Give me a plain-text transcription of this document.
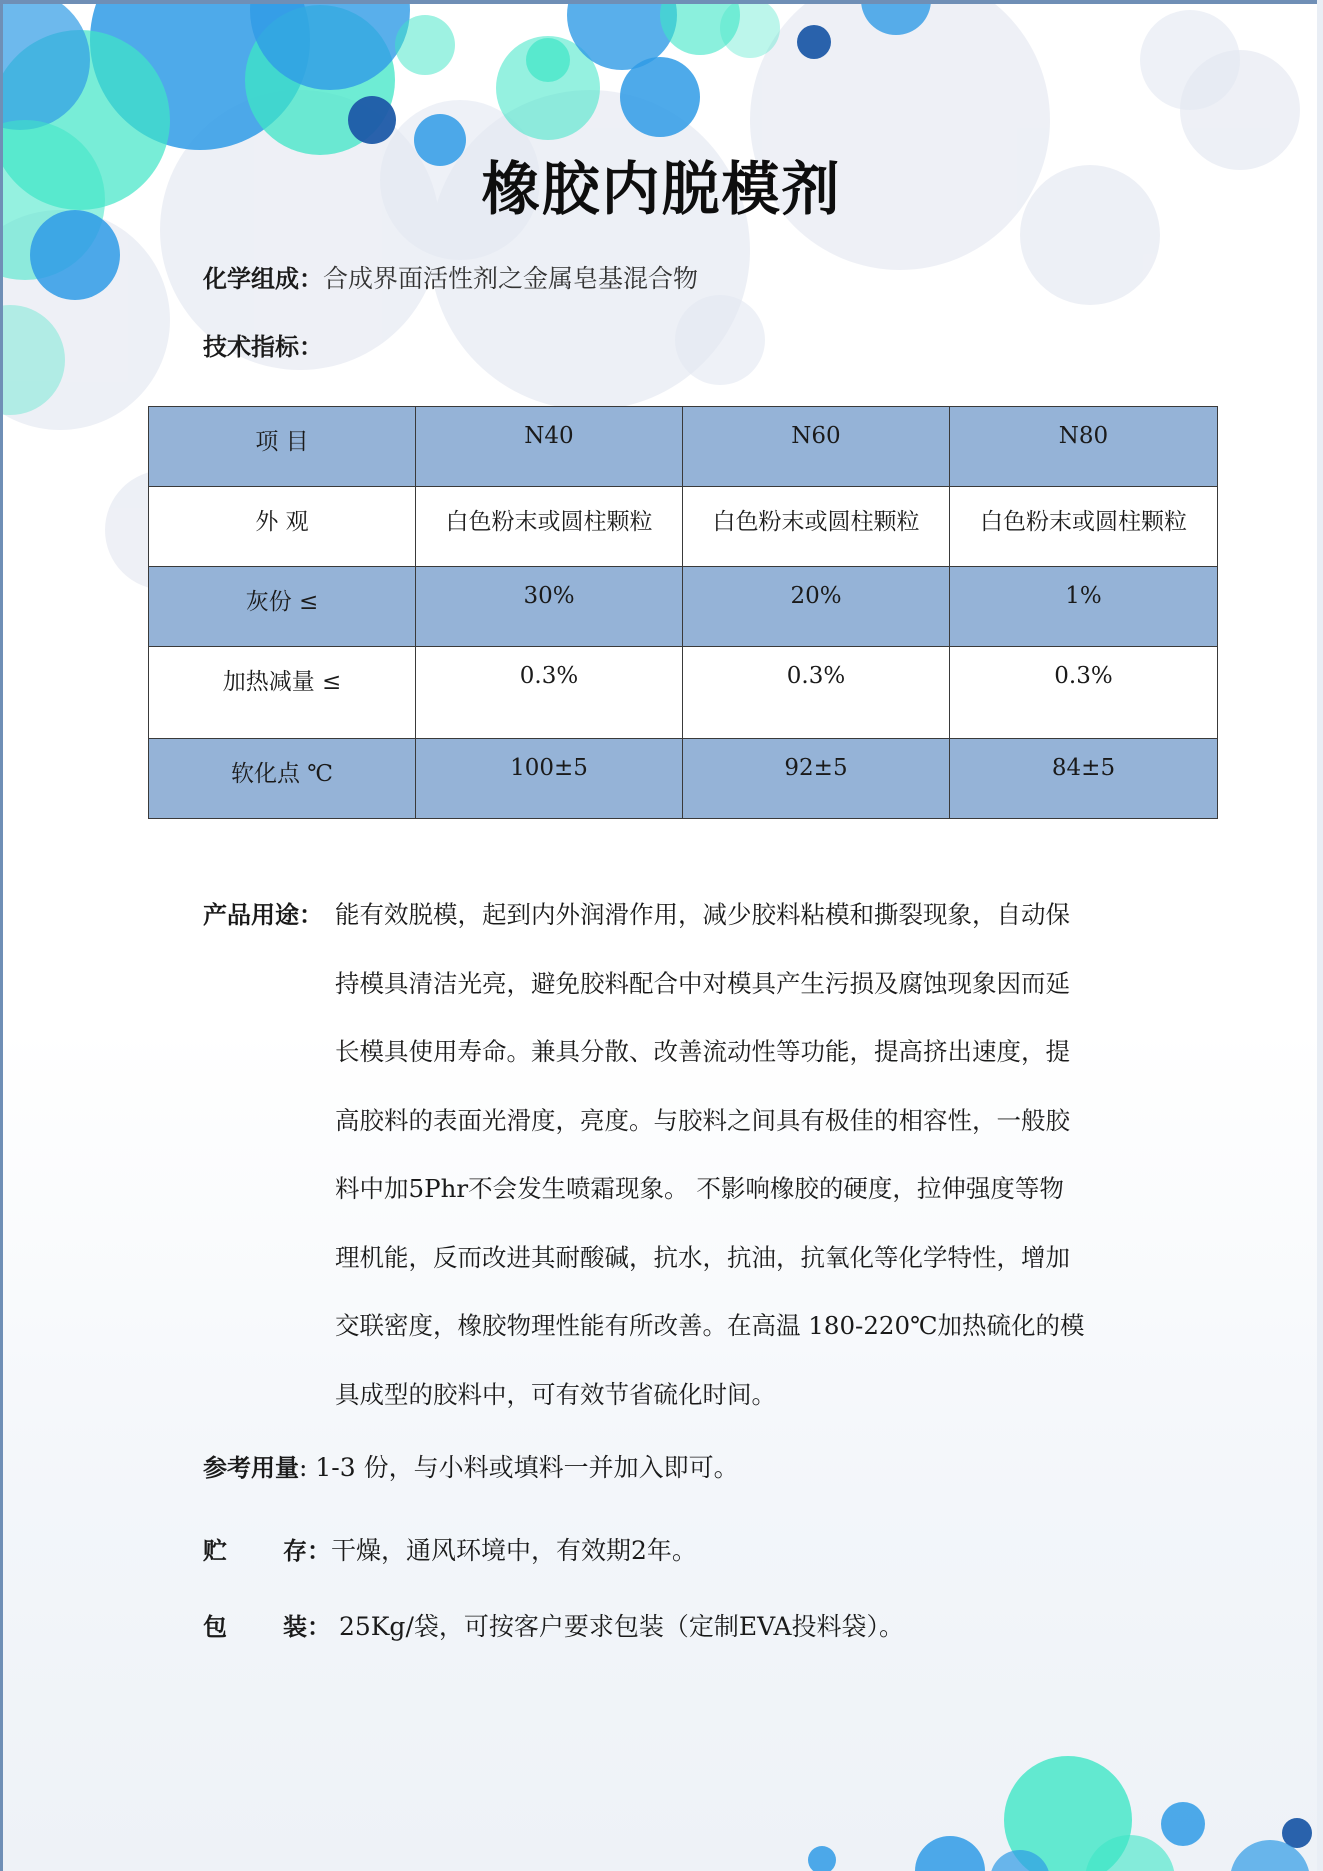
橡胶内脱模剂
化学组成：合成界面活性剂之金属皂基混合物
技术指标：
项 目	N40	N60	N80
外 观	白色粉末或圆柱颗粒	白色粉末或圆柱颗粒	白色粉末或圆柱颗粒
灰份 ≤	30%	20%	1%
加热减量 ≤	0.3%	0.3%	0.3%
软化点 ℃	100±5	92±5	84±5
产品用途： 能有效脱模，起到内外润滑作用，减少胶料粘模和撕裂现象，自动保
持模具清洁光亮，避免胶料配合中对模具产生污损及腐蚀现象因而延
长模具使用寿命。兼具分散、改善流动性等功能，提高挤出速度，提
高胶料的表面光滑度，亮度。与胶料之间具有极佳的相容性，一般胶
料中加5Phr不会发生喷霜现象。 不影响橡胶的硬度，拉伸强度等物
理机能，反而改进其耐酸碱，抗水，抗油，抗氧化等化学特性，增加
交联密度，橡胶物理性能有所改善。在高温 180-220℃加热硫化的模
具成型的胶料中，可有效节省硫化时间。
参考用量: 1-3 份，与小料或填料一并加入即可。
贮 存：干燥，通风环境中，有效期2年。
包 装： 25Kg/袋，可按客户要求包装（定制EVA投料袋）。
